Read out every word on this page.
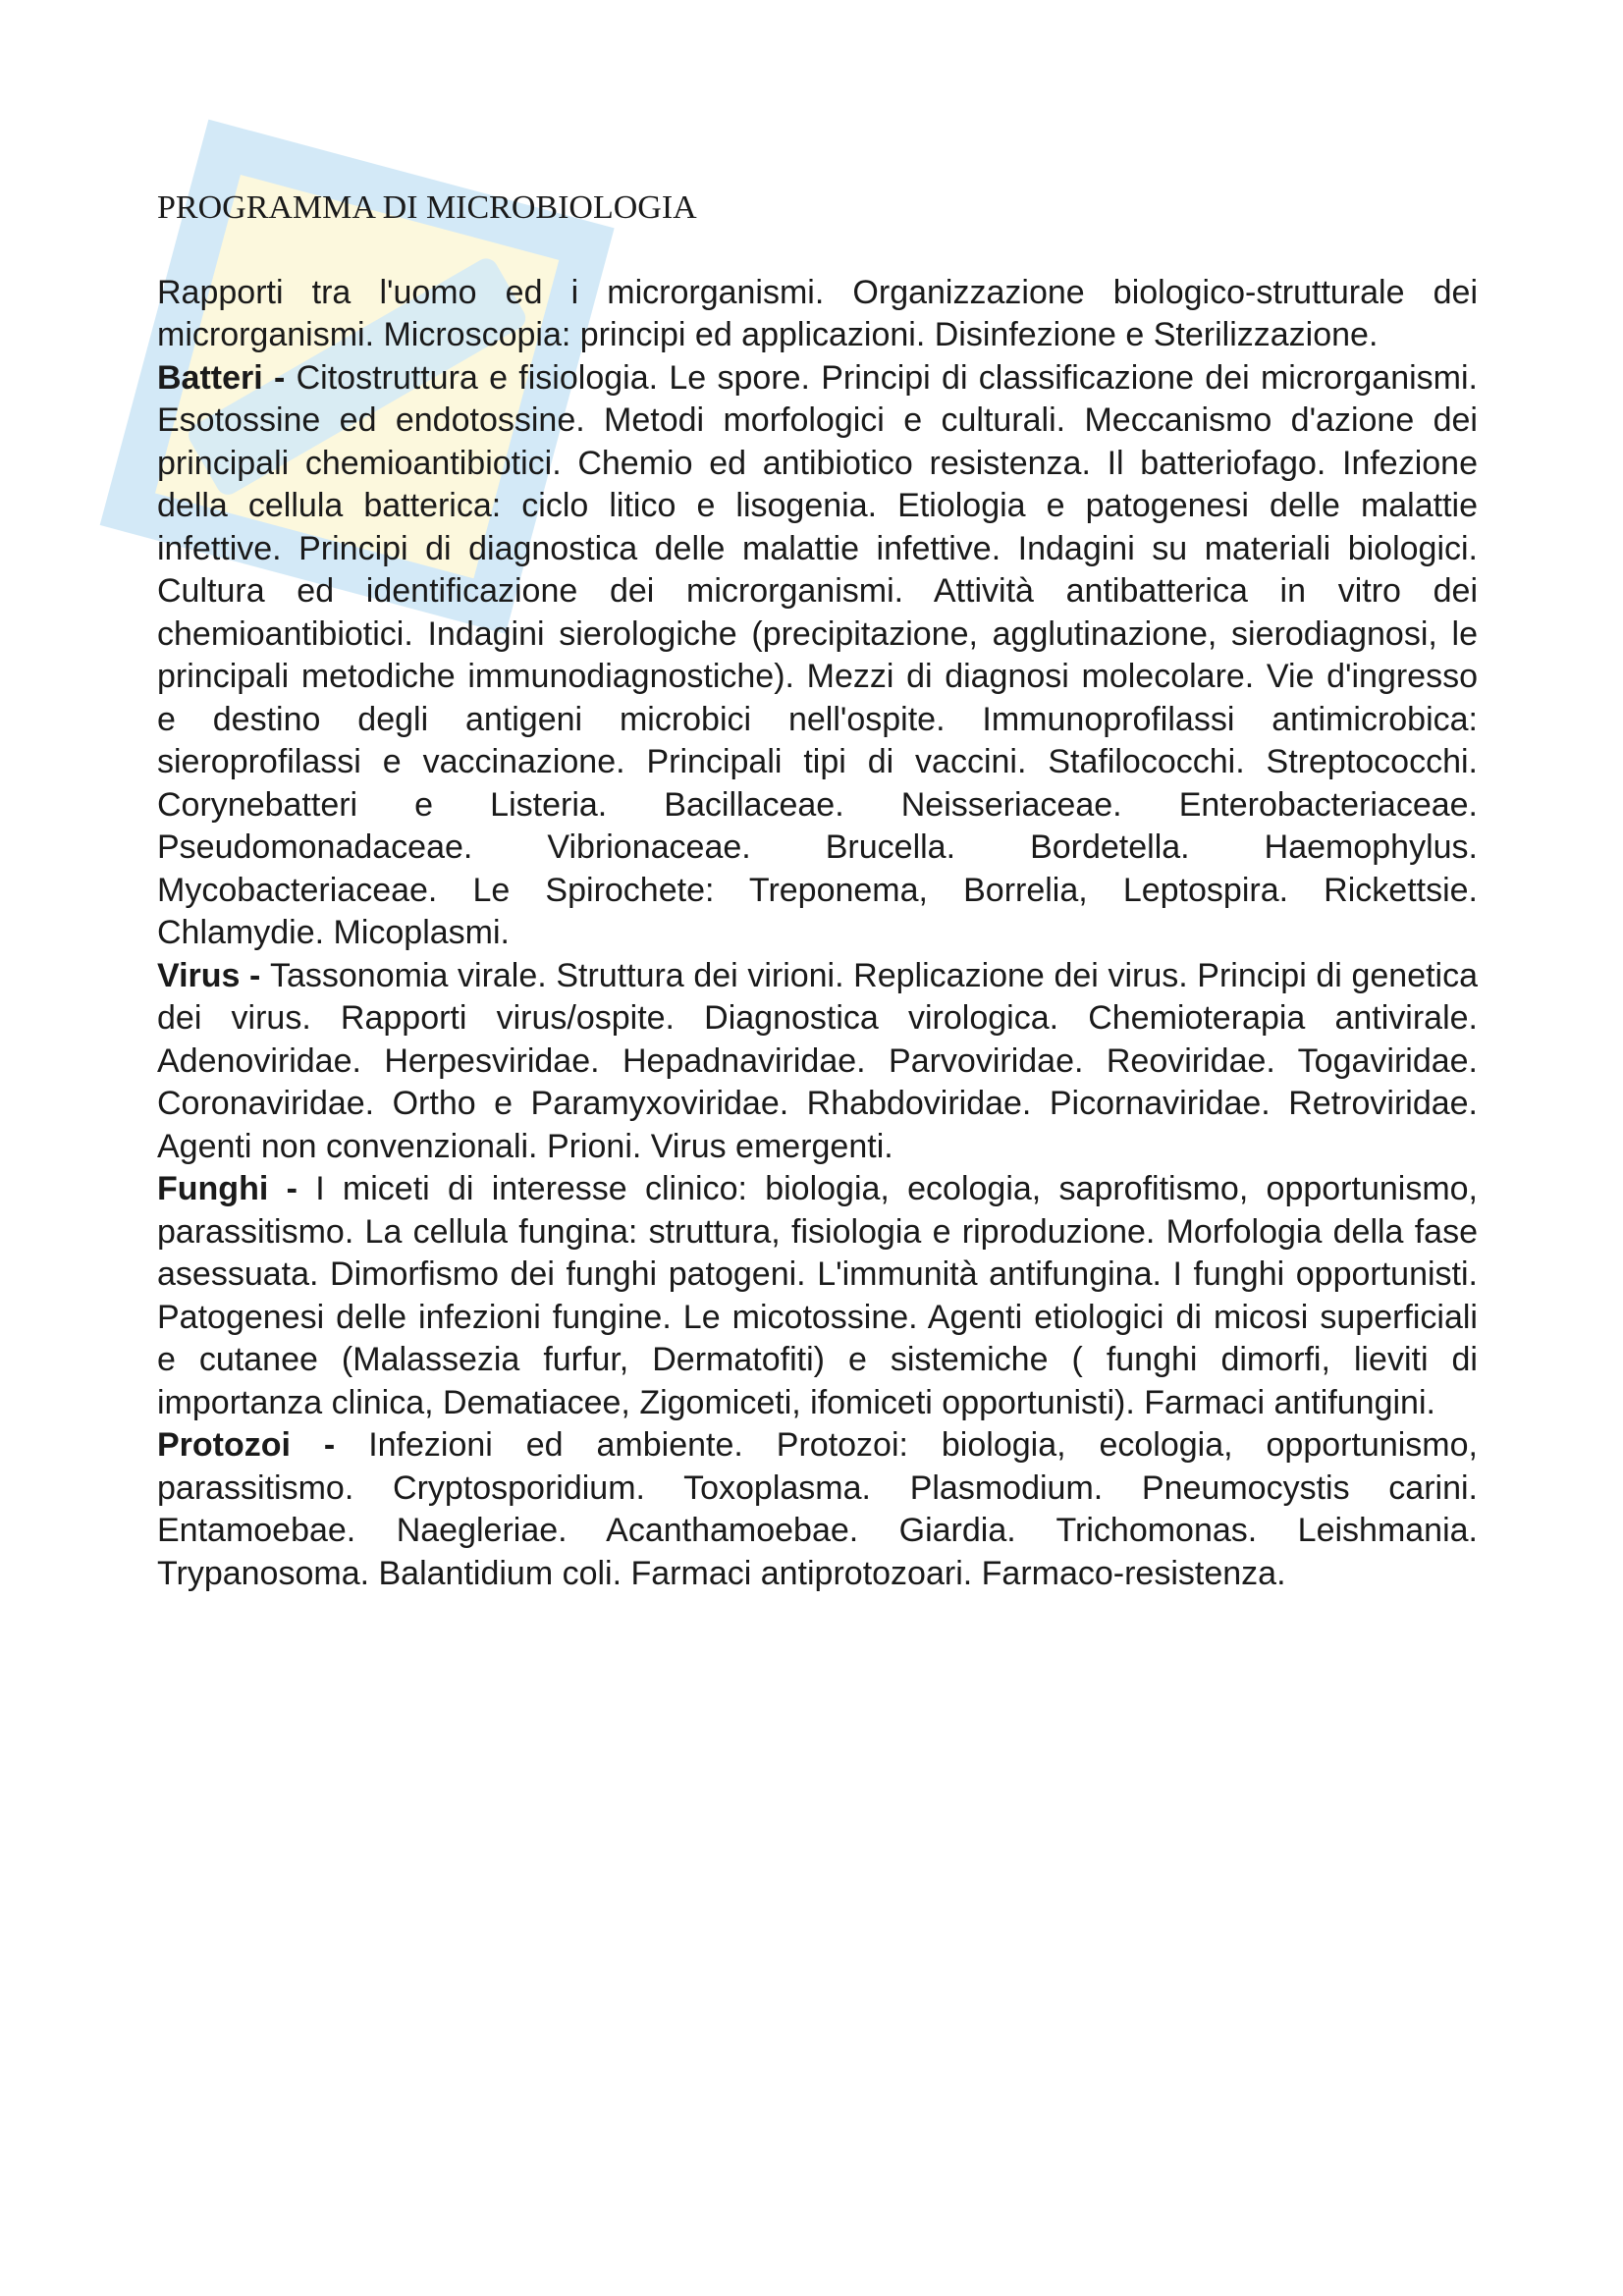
PROGRAMMA DI MICROBIOLOGIA

Rapporti tra l'uomo ed i microrganismi. Organizzazione biologico-strutturale dei microrganismi. Microscopia: principi ed applicazioni. Disinfezione e Sterilizzazione.

Batteri - Citostruttura e fisiologia. Le spore. Principi di classificazione dei microrganismi. Esotossine ed endotossine. Metodi morfologici e culturali. Meccanismo d'azione dei principali chemioantibiotici. Chemio ed antibiotico resistenza. Il batteriofago. Infezione della cellula batterica: ciclo litico e lisogenia. Etiologia e patogenesi delle malattie infettive. Principi di diagnostica delle malattie infettive. Indagini su materiali biologici. Cultura ed identificazione dei microrganismi. Attività antibatterica in vitro dei chemioantibiotici. Indagini sierologiche (precipitazione, agglutinazione, sierodiagnosi, le principali metodiche immunodiagnostiche). Mezzi di diagnosi molecolare. Vie d'ingresso e destino degli antigeni microbici nell'ospite. Immunoprofilassi antimicrobica: sieroprofilassi e vaccinazione. Principali tipi di vaccini. Stafilococchi. Streptococchi. Corynebatteri e Listeria. Bacillaceae. Neisseriaceae. Enterobacteriaceae. Pseudomonadaceae. Vibrionaceae. Brucella. Bordetella. Haemophylus. Mycobacteriaceae. Le Spirochete: Treponema, Borrelia, Leptospira. Rickettsie. Chlamydie. Micoplasmi.

Virus - Tassonomia virale. Struttura dei virioni. Replicazione dei virus. Principi di genetica dei virus. Rapporti virus/ospite. Diagnostica virologica. Chemioterapia antivirale. Adenoviridae. Herpesviridae. Hepadnaviridae. Parvoviridae. Reoviridae. Togaviridae. Coronaviridae. Ortho e Paramyxoviridae. Rhabdoviridae. Picornaviridae. Retroviridae. Agenti non convenzionali. Prioni. Virus emergenti.

Funghi - I miceti di interesse clinico: biologia, ecologia, saprofitismo, opportunismo, parassitismo. La cellula fungina: struttura, fisiologia e riproduzione. Morfologia della fase asessuata. Dimorfismo dei funghi patogeni. L'immunità antifungina. I funghi opportunisti. Patogenesi delle infezioni fungine. Le micotossine. Agenti etiologici di micosi superficiali e cutanee (Malassezia furfur, Dermatofiti) e sistemiche ( funghi dimorfi, lieviti di importanza clinica, Dematiacee, Zigomiceti, ifomiceti opportunisti). Farmaci antifungini.

Protozoi - Infezioni ed ambiente. Protozoi: biologia, ecologia, opportunismo, parassitismo. Cryptosporidium. Toxoplasma. Plasmodium. Pneumocystis carini. Entamoebae. Naegleriae. Acanthamoebae. Giardia. Trichomonas. Leishmania. Trypanosoma. Balantidium coli. Farmaci antiprotozoari. Farmaco-resistenza.
